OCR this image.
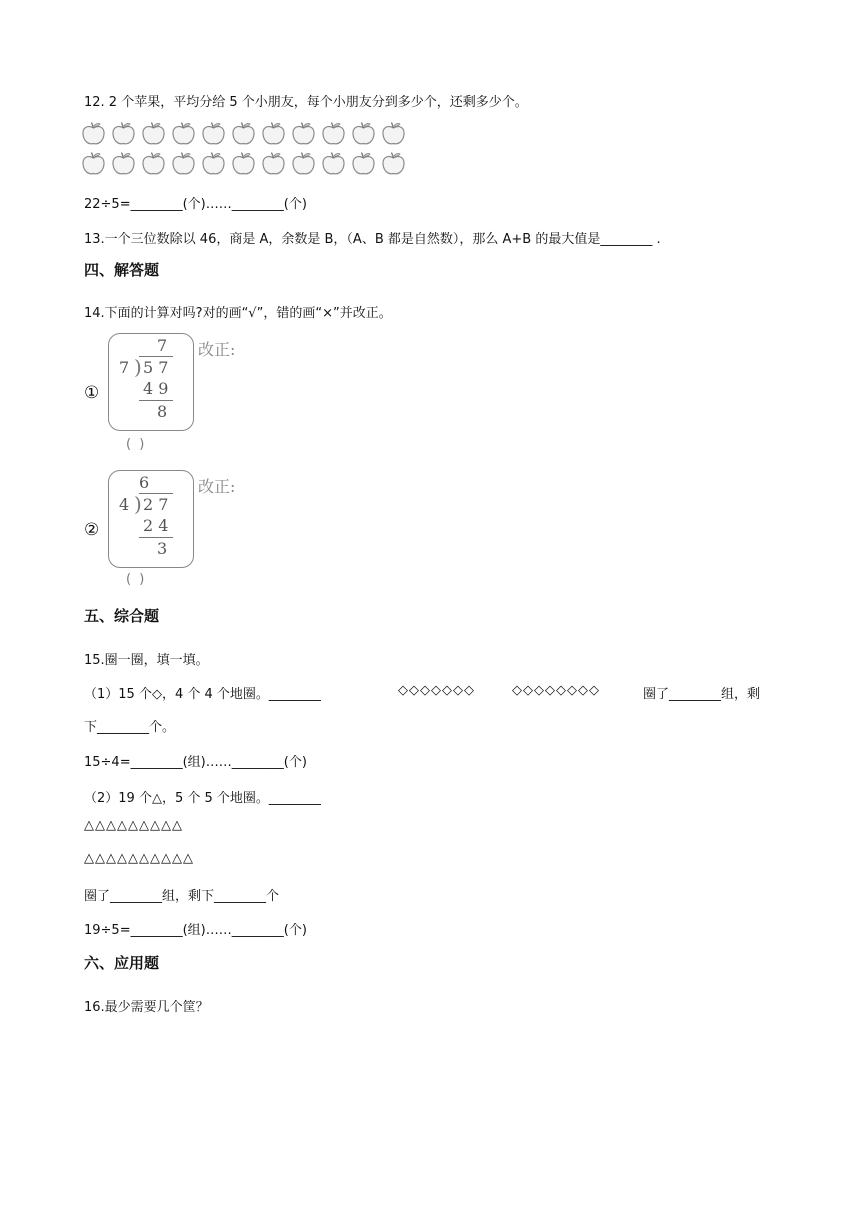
12. 2 个苹果，平均分给 5 个小朋友，每个小朋友分到多少个，还剩多少个。
22÷5=________(个)……________(个)
13.一个三位数除以 46，商是 A，余数是 B，（A、B 都是自然数），那么 A+B 的最大值是________ .
四、解答题
14.下面的计算对吗?对的画“√”，错的画“×”并改正。
①
7
7 ) 5 7
4 9
8
改正:
( )
②
6
4 ) 2 7
2 4
3
改正:
( )
五、综合题
15.圈一圈，填一填。
（1）15 个◇，4 个 4 个地圈。________	◇◇◇◇◇◇◇	◇◇◇◇◇◇◇◇	圈了________组，剩
下________个。
15÷4=________(组)……________(个)
（2）19 个△，5 个 5 个地圈。________
△△△△△△△△△
△△△△△△△△△△
圈了________组，剩下________个
19÷5=________(组)……________(个)
六、应用题
16.最少需要几个筐？
